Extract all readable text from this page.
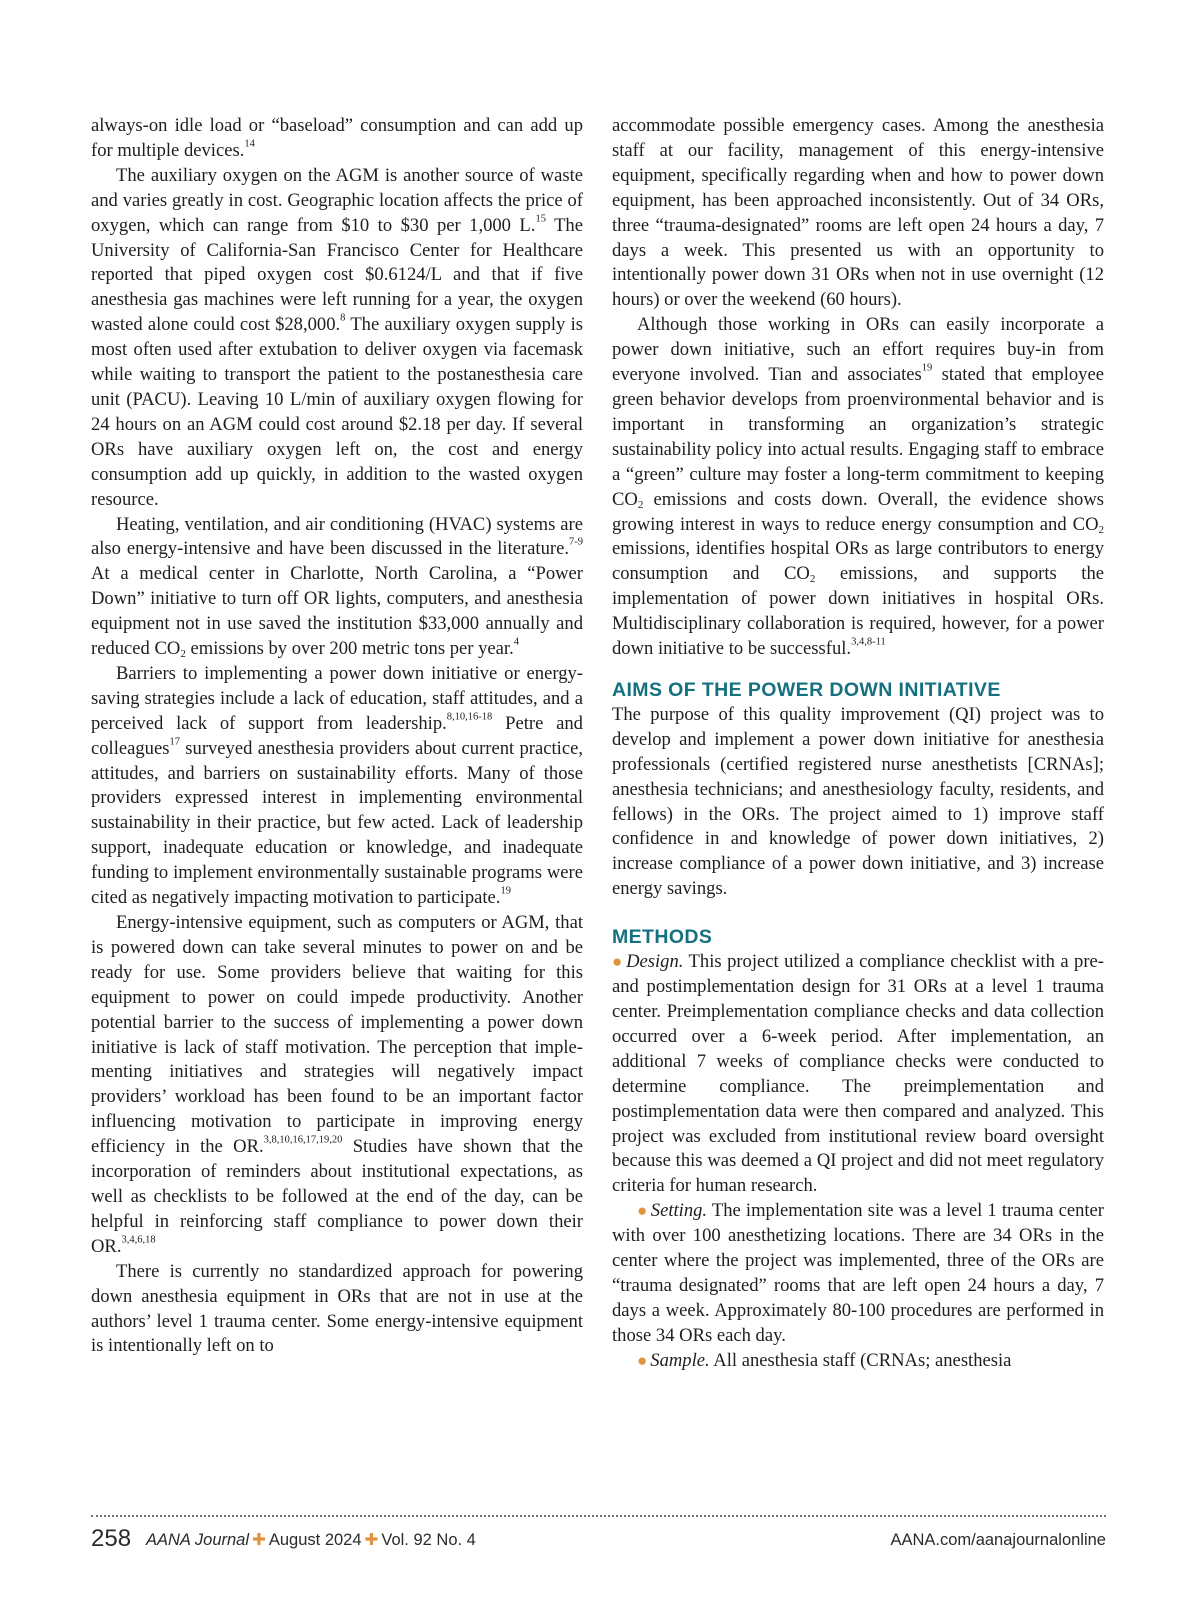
always-on idle load or “baseload” consumption and can add up for multiple devices.$^{14}$

The auxiliary oxygen on the AGM is another source of waste and varies greatly in cost. Geographic location affects the price of oxygen, which can range from $10 to $30 per 1,000 L.$^{15}$ The University of California-San Francisco Center for Healthcare reported that piped oxygen cost $0.6124/L and that if five anesthesia gas machines were left running for a year, the oxygen wasted alone could cost $28,000.$^8$ The auxiliary oxygen supply is most often used after extubation to deliver oxygen via facemask while waiting to transport the patient to the postanesthesia care unit (PACU). Leaving 10 L/min of auxiliary oxygen flowing for 24 hours on an AGM could cost around $2.18 per day. If several ORs have auxiliary oxygen left on, the cost and energy consumption add up quickly, in addition to the wasted oxygen resource.

Heating, ventilation, and air conditioning (HVAC) systems are also energy-intensive and have been discussed in the literature.$^{7-9}$ At a medical center in Charlotte, North Carolina, a “Power Down” initiative to turn off OR lights, computers, and anesthesia equipment not in use saved the institution $33,000 annually and reduced $CO_2$ emissions by over 200 metric tons per year.$^4$

Barriers to implementing a power down initiative or energy-saving strategies include a lack of education, staff attitudes, and a perceived lack of support from leadership.$^{8,10,16-18}$ Petre and colleagues$^{17}$ surveyed anesthesia providers about current practice, attitudes, and barriers on sustainability efforts. Many of those providers expressed interest in implementing environmental sustainability in their practice, but few acted. Lack of leadership support, inadequate education or knowledge, and inadequate funding to implement environmentally sustainable programs were cited as negatively impacting motivation to participate.$^{19}$

Energy-intensive equipment, such as computers or AGM, that is powered down can take several minutes to power on and be ready for use. Some providers believe that waiting for this equipment to power on could impede productivity. Another potential barrier to the success of implementing a power down initiative is lack of staff motivation. The perception that implementing initiatives and strategies will negatively impact providers’ workload has been found to be an important factor influencing motivation to participate in improving energy efficiency in the OR.$^{3,8,10,16,17,19,20}$ Studies have shown that the incorporation of reminders about institutional expectations, as well as checklists to be followed at the end of the day, can be helpful in reinforcing staff compliance to power down their OR.$^{3,4,6,18}$

There is currently no standardized approach for powering down anesthesia equipment in ORs that are not in use at the authors’ level 1 trauma center. Some energy-intensive equipment is intentionally left on to

accommodate possible emergency cases. Among the anesthesia staff at our facility, management of this energy-intensive equipment, specifically regarding when and how to power down equipment, has been approached inconsistently. Out of 34 ORs, three “trauma-designated” rooms are left open 24 hours a day, 7 days a week. This presented us with an opportunity to intentionally power down 31 ORs when not in use overnight (12 hours) or over the weekend (60 hours).

Although those working in ORs can easily incorporate a power down initiative, such an effort requires buy-in from everyone involved. Tian and associates$^{19}$ stated that employee green behavior develops from proenvironmental behavior and is important in transforming an organization’s strategic sustainability policy into actual results. Engaging staff to embrace a “green” culture may foster a long-term commitment to keeping $CO_2$ emissions and costs down. Overall, the evidence shows growing interest in ways to reduce energy consumption and $CO_2$ emissions, identifies hospital ORs as large contributors to energy consumption and $CO_2$ emissions, and supports the implementation of power down initiatives in hospital ORs. Multidisciplinary collaboration is required, however, for a power down initiative to be successful.$^{3,4,8-11}$

AIMS OF THE POWER DOWN INITIATIVE

The purpose of this quality improvement (QI) project was to develop and implement a power down initiative for anesthesia professionals (certified registered nurse anesthetists [CRNAs]; anesthesia technicians; and anesthesiology faculty, residents, and fellows) in the ORs. The project aimed to 1) improve staff confidence in and knowledge of power down initiatives, 2) increase compliance of a power down initiative, and 3) increase energy savings.

METHODS

● Design. This project utilized a compliance checklist with a pre- and postimplementation design for 31 ORs at a level 1 trauma center. Preimplementation compliance checks and data collection occurred over a 6-week period. After implementation, an additional 7 weeks of compliance checks were conducted to determine compliance. The preimplementation and postimplementation data were then compared and analyzed. This project was excluded from institutional review board oversight because this was deemed a QI project and did not meet regulatory criteria for human research.

● Setting. The implementation site was a level 1 trauma center with over 100 anesthetizing locations. There are 34 ORs in the center where the project was implemented, three of the ORs are “trauma designated” rooms that are left open 24 hours a day, 7 days a week. Approximately 80-100 procedures are performed in those 34 ORs each day.

● Sample. All anesthesia staff (CRNAs; anesthesia

258 AANA Journal ✚ August 2024 ✚ Vol. 92 No. 4	AANA.com/aanajournalonline
